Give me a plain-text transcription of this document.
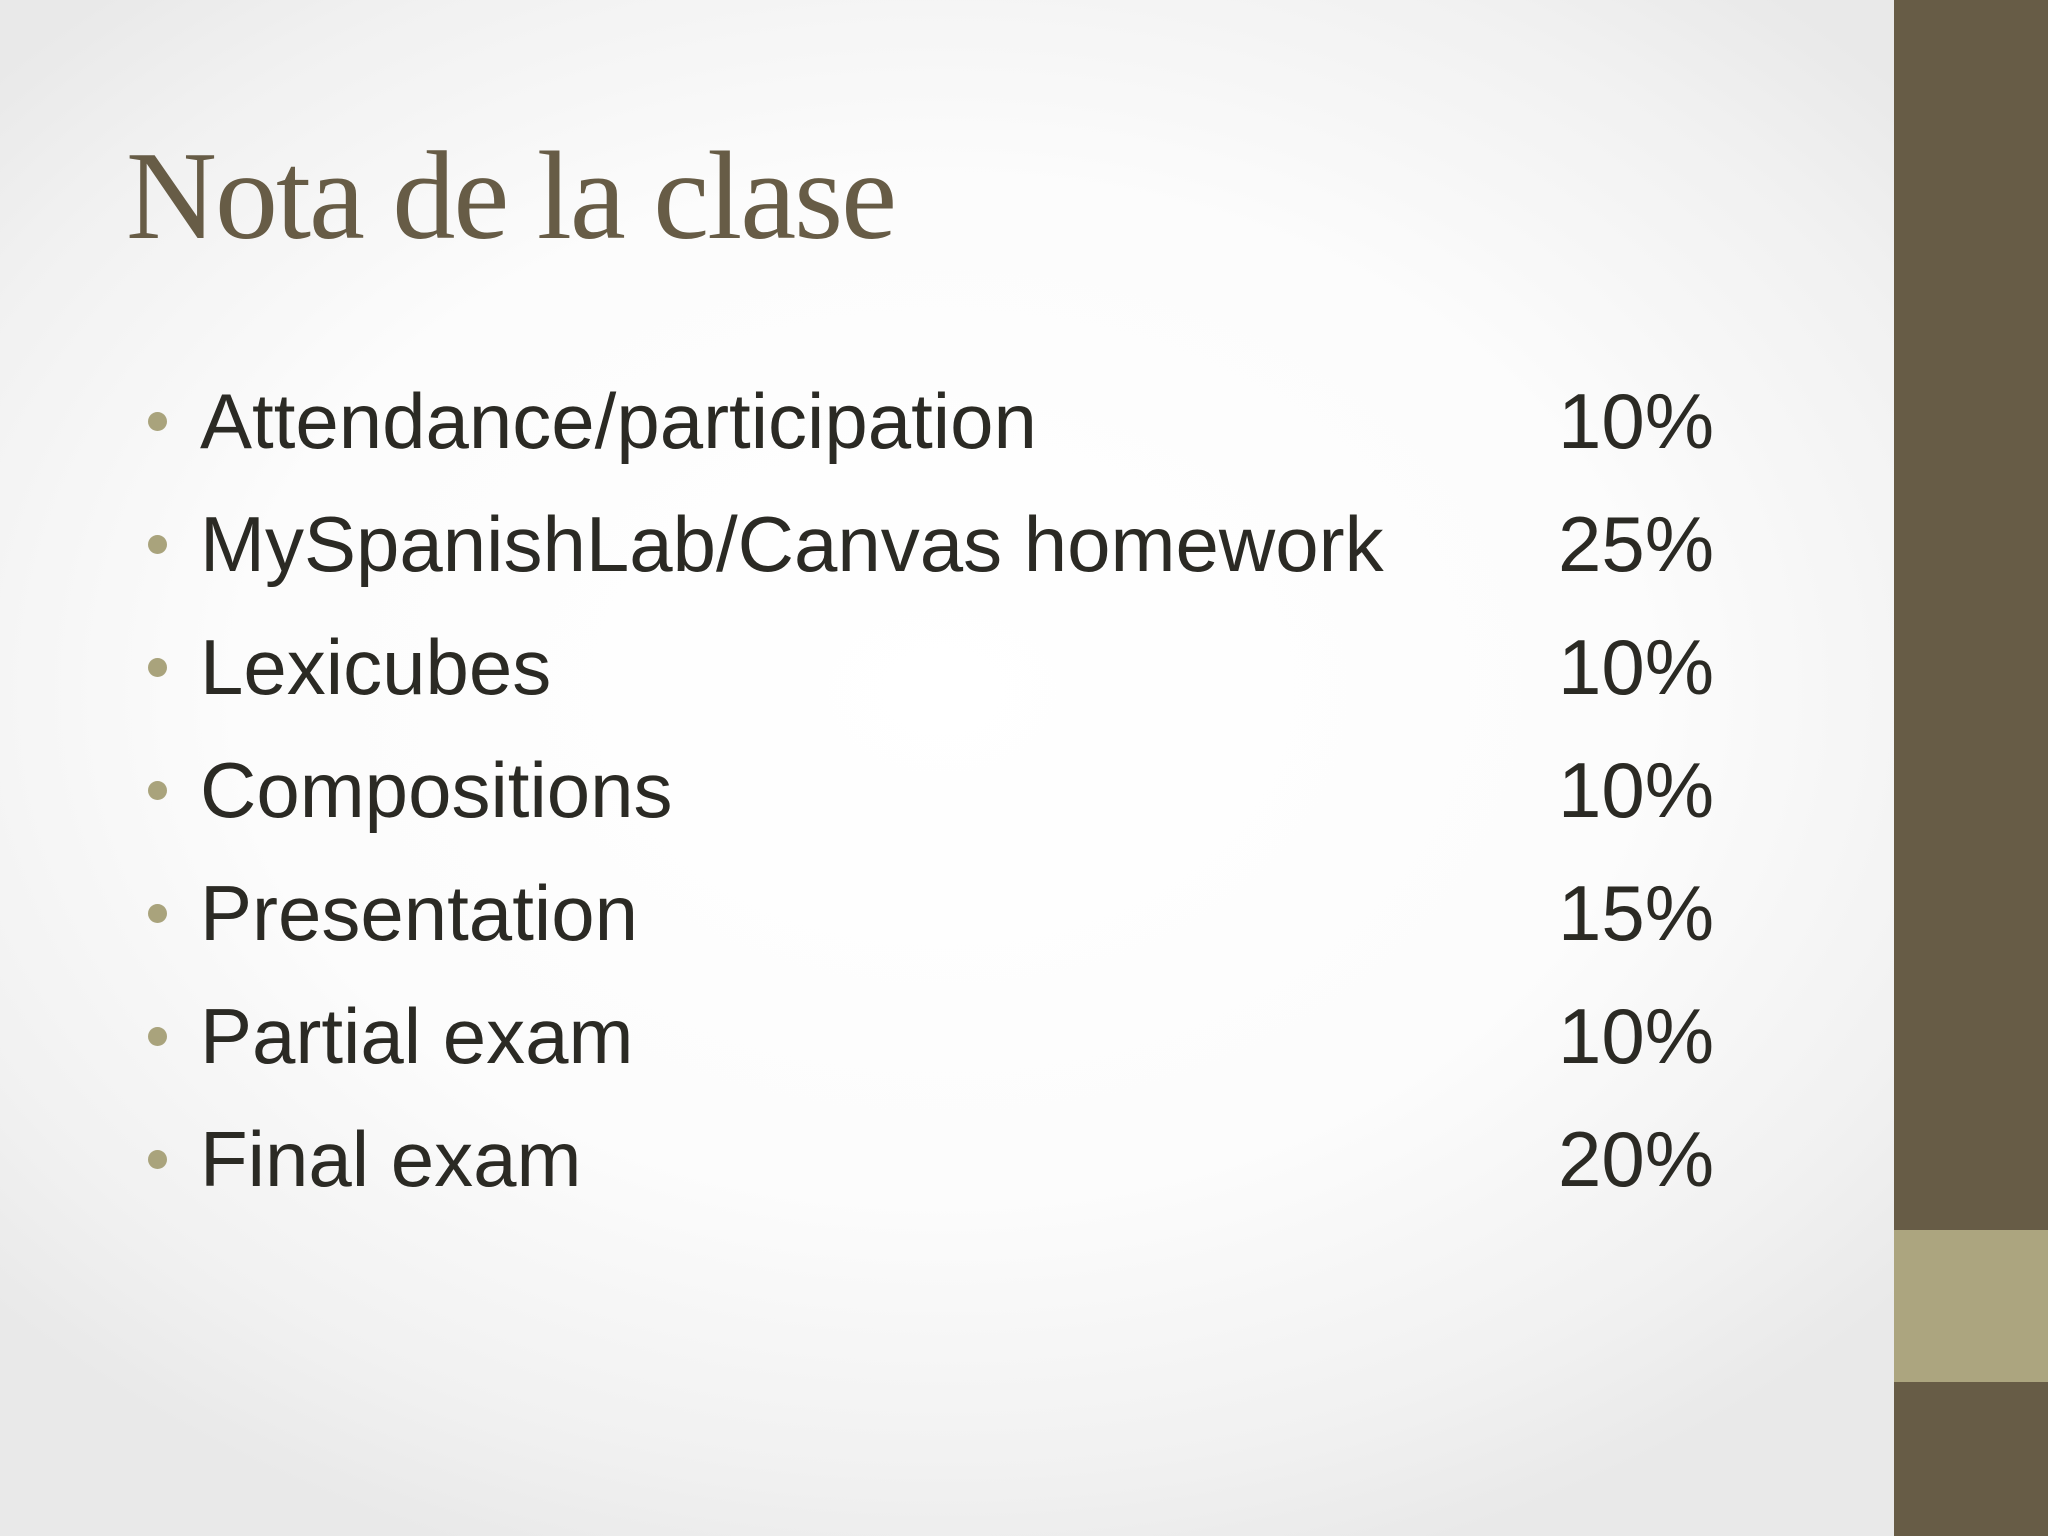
Nota de la clase
Attendance/participation	10%
MySpanishLab/Canvas homework 25%
Lexicubes	10%
Compositions	10%
Presentation	15%
Partial exam	10%
Final exam	20%
